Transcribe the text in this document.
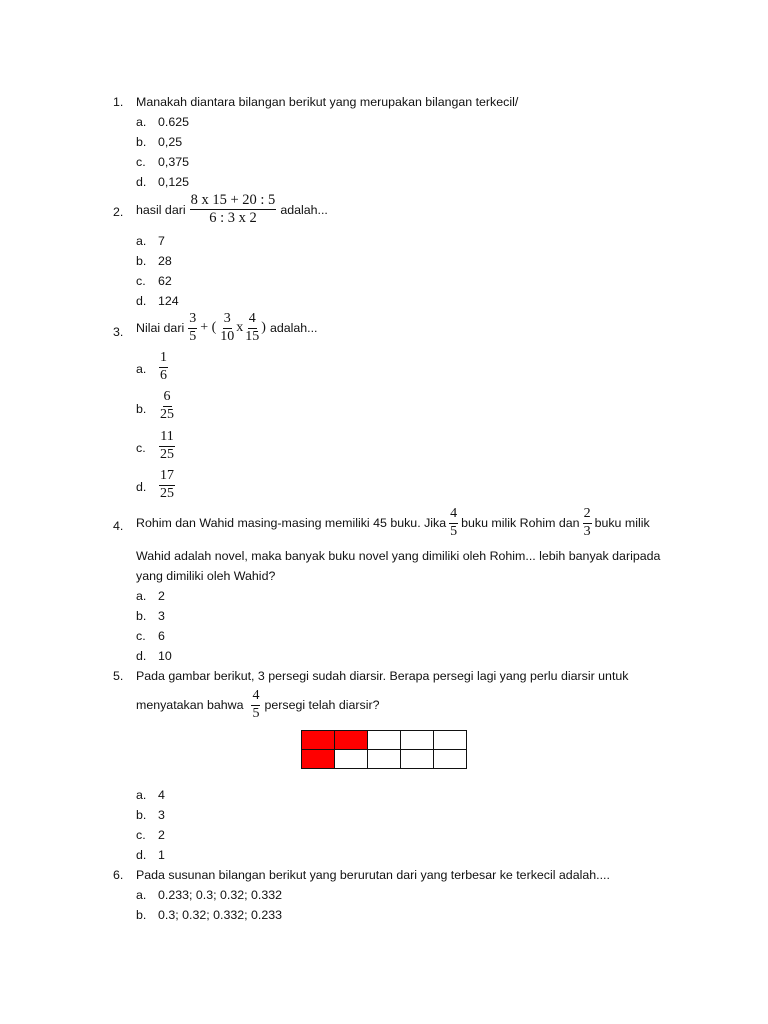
1. Manakah diantara bilangan berikut yang merupakan bilangan terkecil/
a. 0.625
b. 0,25
c. 0,375
d. 0,125
2. hasil dari $\frac{8 x 15 + 20 : 5}{6 : 3 x 2}$ adalah...
a. 7
b. 28
c. 62
d. 124
3. Nilai dari $\frac{3}{5}$ + ( $\frac{3}{10}$ x $\frac{4}{15}$ ) adalah...
a. $\frac{1}{6}$
b. $\frac{6}{25}$
c. $\frac{11}{25}$
d. $\frac{17}{25}$
4. Rohim dan Wahid masing-masing memiliki 45 buku. Jika $\frac{4}{5}$ buku milik Rohim dan $\frac{2}{3}$ buku milik
Wahid adalah novel, maka banyak buku novel yang dimiliki oleh Rohim... lebih banyak daripada
yang dimiliki oleh Wahid?
a. 2
b. 3
c. 6
d. 10
5. Pada gambar berikut, 3 persegi sudah diarsir. Berapa persegi lagi yang perlu diarsir untuk
menyatakan bahwa $\frac{4}{5}$ persegi telah diarsir?
a. 4
b. 3
c. 2
d. 1
6. Pada susunan bilangan berikut yang berurutan dari yang terbesar ke terkecil adalah....
a. 0.233; 0.3; 0.32; 0.332
b. 0.3; 0.32; 0.332; 0.233
